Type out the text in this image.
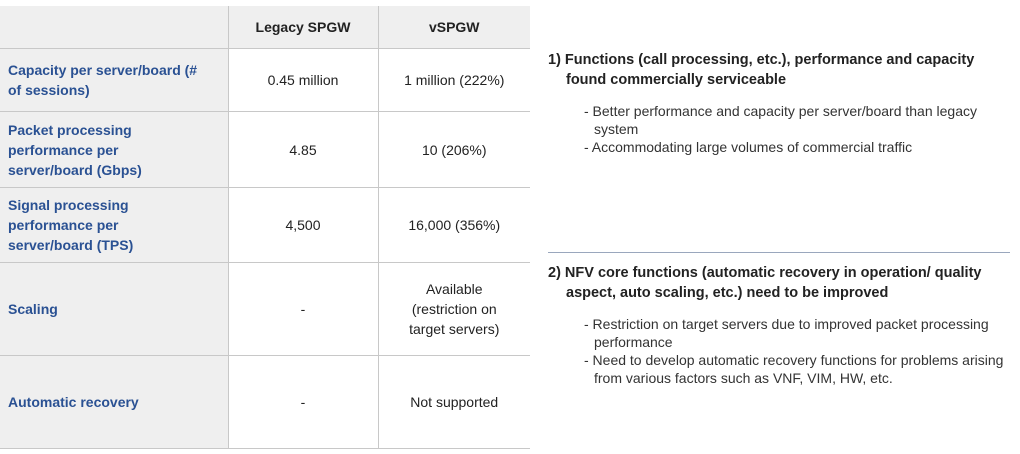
	Legacy SPGW	vSPGW

Capacity per server/board (# of sessions)	0.45 million	1 million (222%)

Packet processing performance per server/board (Gbps)	4.85	10 (206%)

Signal processing performance per server/board (TPS)	4,500	16,000 (356%)

Scaling	-	Available (restriction on target servers)

Automatic recovery	-	Not supported
1) Functions (call processing, etc.), performance and capacity found commercially serviceable
- Better performance and capacity per server/board than legacy system
- Accommodating large volumes of commercial traffic
2) NFV core functions (automatic recovery in operation/ quality aspect, auto scaling, etc.) need to be improved
- Restriction on target servers due to improved packet processing performance
- Need to develop automatic recovery functions for problems arising from various factors such as VNF, VIM, HW, etc.
